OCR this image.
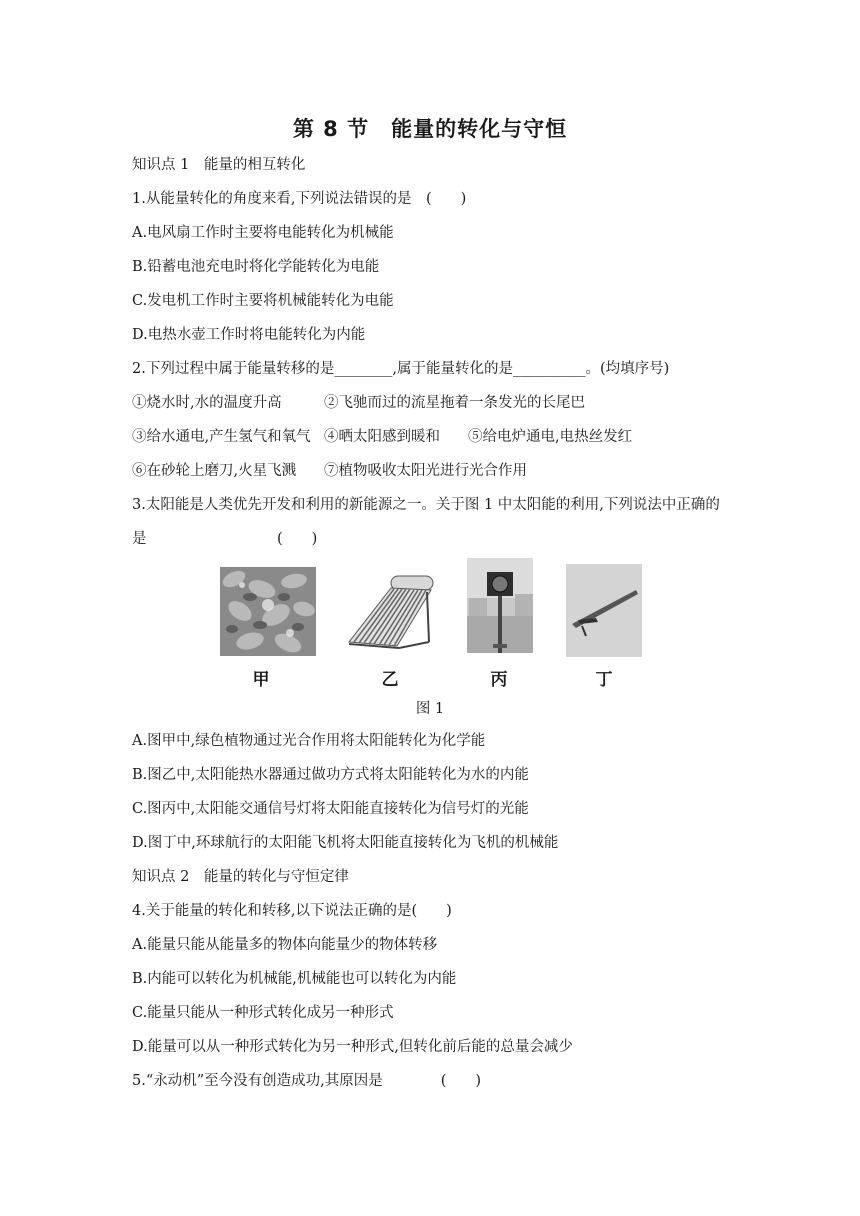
第 8 节　能量的转化与守恒
知识点 1　能量的相互转化
1.从能量转化的角度来看,下列说法错误的是　(　　)
A.电风扇工作时主要将电能转化为机械能
B.铅蓄电池充电时将化学能转化为电能
C.发电机工作时主要将机械能转化为电能
D.电热水壶工作时将电能转化为内能
2.下列过程中属于能量转移的是________,属于能量转化的是__________。(均填序号)
①烧水时,水的温度升高	②飞驰而过的流星拖着一条发光的长尾巴
③给水通电,产生氢气和氧气 ④晒太阳感到暖和 ⑤给电炉通电,电热丝发红
⑥在砂轮上磨刀,火星飞溅 ⑦植物吸收太阳光进行光合作用
3.太阳能是人类优先开发和利用的新能源之一。关于图 1 中太阳能的利用,下列说法中正确的
是　　　　　　　　　(　　)
甲	乙	丙	丁
图 1
A.图甲中,绿色植物通过光合作用将太阳能转化为化学能
B.图乙中,太阳能热水器通过做功方式将太阳能转化为水的内能
C.图丙中,太阳能交通信号灯将太阳能直接转化为信号灯的光能
D.图丁中,环球航行的太阳能飞机将太阳能直接转化为飞机的机械能
知识点 2　能量的转化与守恒定律
4.关于能量的转化和转移,以下说法正确的是(　　)
A.能量只能从能量多的物体向能量少的物体转移
B.内能可以转化为机械能,机械能也可以转化为内能
C.能量只能从一种形式转化成另一种形式
D.能量可以从一种形式转化为另一种形式,但转化前后能的总量会减少
5.“永动机”至今没有创造成功,其原因是　　　　(　　)
